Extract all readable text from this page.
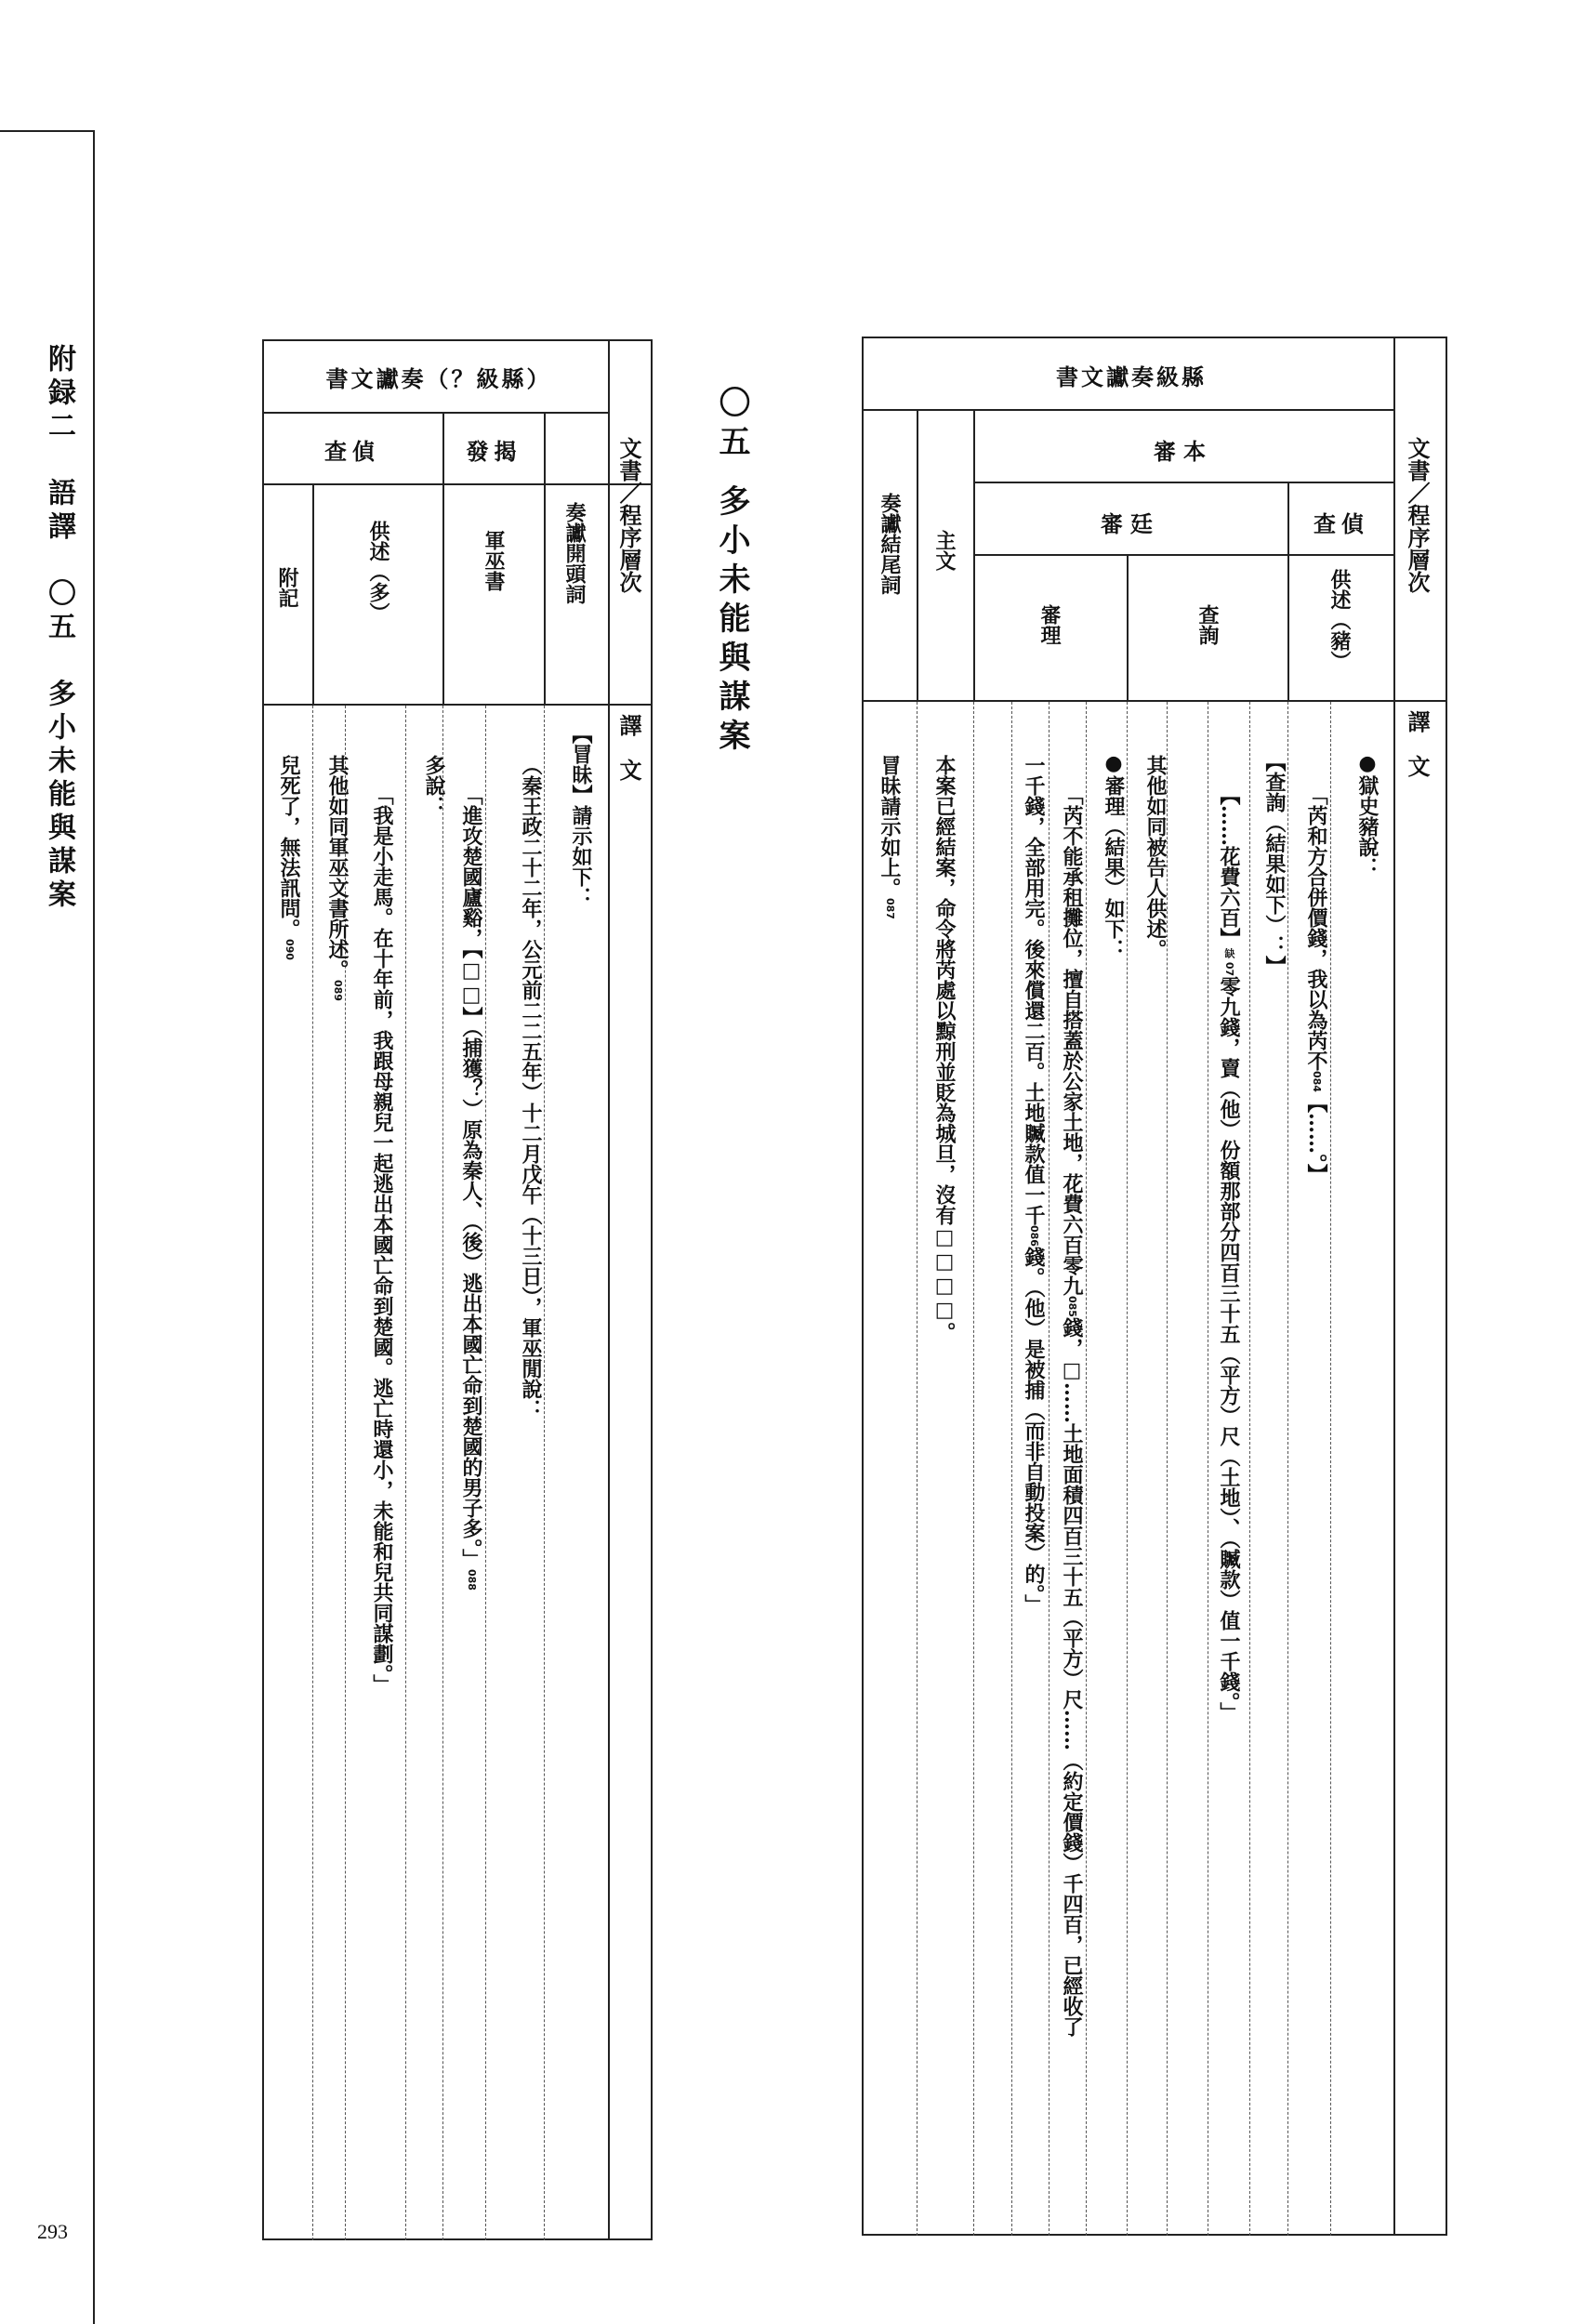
附録二　語譯　〇五　多小未能與謀案
293
〇五多小未能與謀案
書文讞奏（？級縣）
文書／程序層次
譯　文
查偵	發揭
奏讞開頭詞
軍巫書
供述（多）
附記
【冒昧】請示如下：
（秦王政二十二年，公元前二二五年）十二月戊午（十三日），軍巫閒說：
「進攻楚國廬谿，【□□】（捕獲？）原為秦人、（後）逃出本國亡命到楚國的男子多。」088
多說：
「我是小走馬。在十年前，我跟母親兒一起逃出本國亡命到楚國。逃亡時還小，未能和兒共同謀劃。」
其他如同軍巫文書所述。089
兒死了，無法訊問。090
書文讞奏級縣
文書／程序層次
譯　文
審本
審廷	查偵
供述（豬）
查詢
審理
主文
奏讞結尾詞
●獄史豬說：
「芮和方合併價錢，我以為芮不084【……。】
【查詢（結果如下）：】
【……花費六百】缺 07零九錢，賣（他）份額那部分四百三十五（平方）尺（土地）、（贓款）值一千錢。」
其他如同被告人供述。
●審理（結果）如下：
「芮不能承租攤位，擅自搭蓋於公家土地，花費六百零九085錢，□……土地面積四百三十五（平方）尺……（約定價錢）千四百，已經收了
一千錢，全部用完。後來償還二百。土地贓款值一千086錢。（他）是被捕（而非自動投案）的。」
本案已經結案，命令將芮處以黥刑並貶為城旦，沒有□□□□。
冒昧請示如上。087
